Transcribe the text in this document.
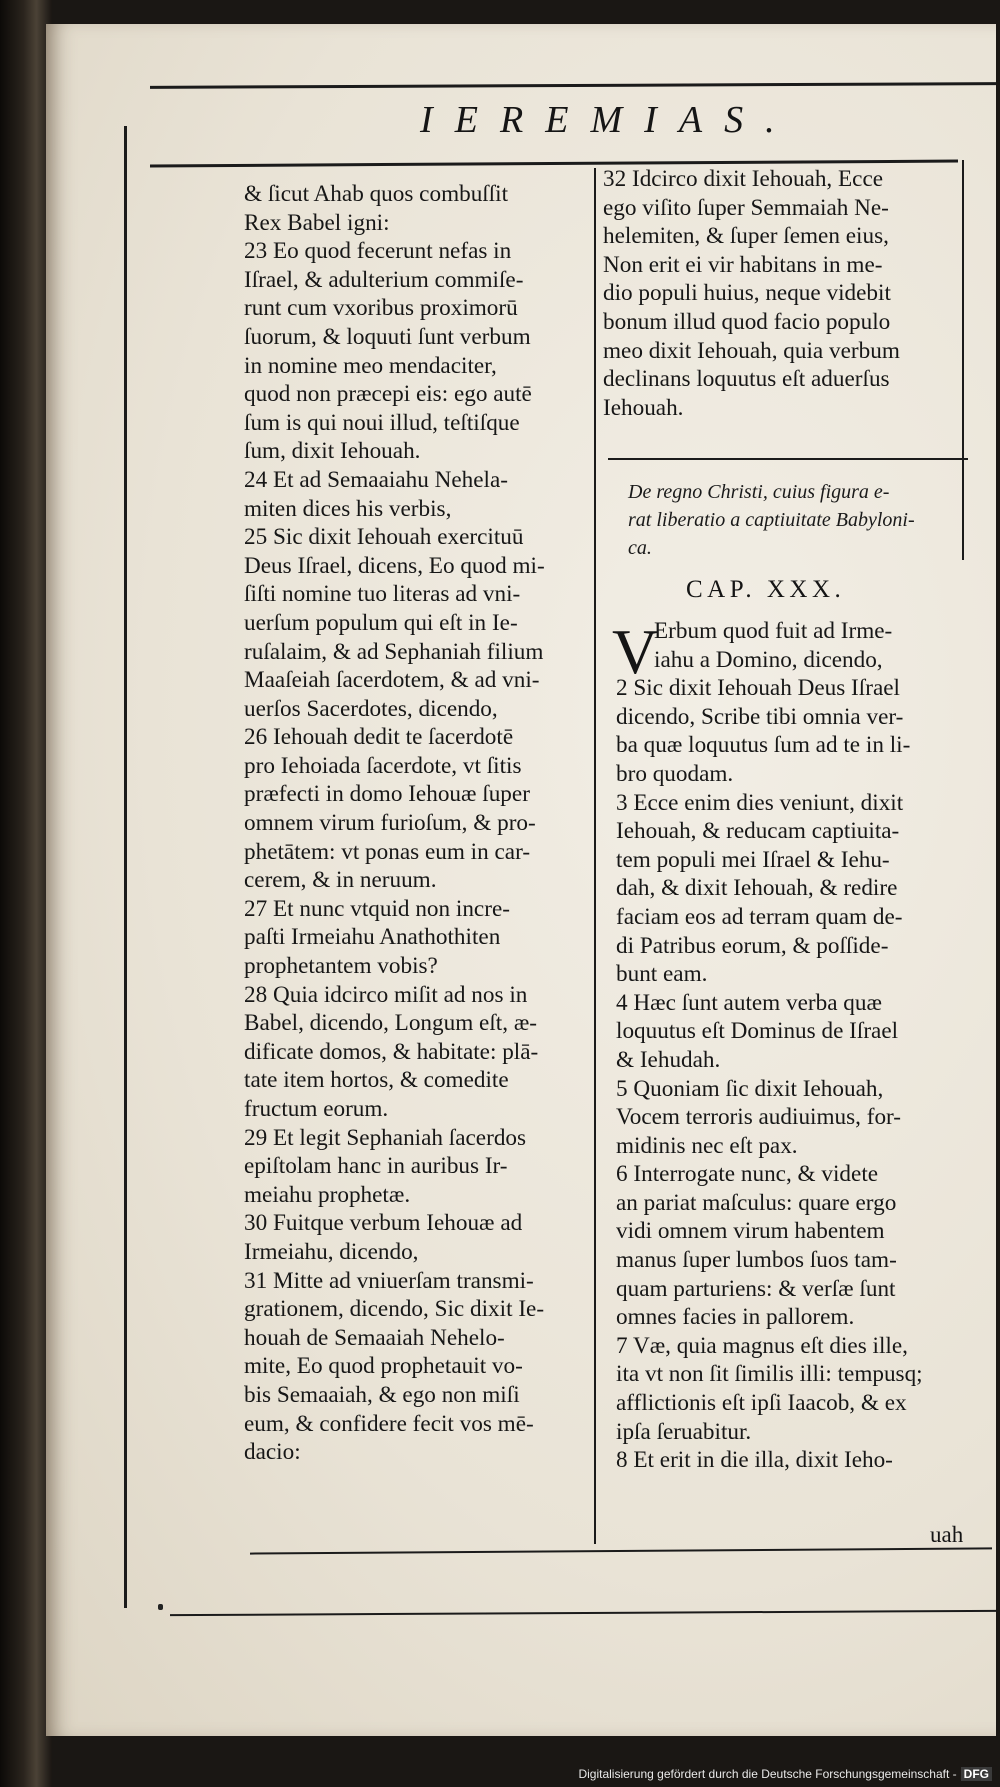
IEREMIAS.
& ſicut Ahab quos combuſſit
Rex Babel igni:
23 Eo quod fecerunt nefas in
Iſrael, & adulterium commiſe-
runt cum vxoribus proximorū
ſuorum, & loquuti ſunt verbum
in nomine meo mendaciter,
quod non præcepi eis: ego autē
ſum is qui noui illud, teſtiſque
ſum, dixit Iehouah.
24 Et ad Semaaiahu Nehela-
miten dices his verbis,
25 Sic dixit Iehouah exercituū
Deus Iſrael, dicens, Eo quod mi-
ſiſti nomine tuo literas ad vni-
uerſum populum qui eſt in Ie-
ruſalaim, & ad Sephaniah filium
Maaſeiah ſacerdotem, & ad vni-
uerſos Sacerdotes, dicendo,
26 Iehouah dedit te ſacerdotē
pro Iehoiada ſacerdote, vt ſitis
præfecti in domo Iehouæ ſuper
omnem virum furioſum, & pro-
phetātem: vt ponas eum in car-
cerem, & in neruum.
27 Et nunc vtquid non incre-
paſti Irmeiahu Anathothiten
prophetantem vobis?
28 Quia idcirco miſit ad nos in
Babel, dicendo, Longum eſt, æ-
dificate domos, & habitate: plā-
tate item hortos, & comedite
fructum eorum.
29 Et legit Sephaniah ſacerdos
epiſtolam hanc in auribus Ir-
meiahu prophetæ.
30 Fuitque verbum Iehouæ ad
Irmeiahu, dicendo,
31 Mitte ad vniuerſam transmi-
grationem, dicendo, Sic dixit Ie-
houah de Semaaiah Nehelo-
mite, Eo quod prophetauit vo-
bis Semaaiah, & ego non miſi
eum, & confidere fecit vos mē-
dacio:
32 Idcirco dixit Iehouah, Ecce
ego viſito ſuper Semmaiah Ne-
helemiten, & ſuper ſemen eius,
Non erit ei vir habitans in me-
dio populi huius, neque videbit
bonum illud quod facio populo
meo dixit Iehouah, quia verbum
declinans loquutus eſt aduerſus
Iehouah.
De regno Christi, cuius figura e-
rat liberatio a captiuitate Babyloni-
ca.
CAP. XXX.
V
Erbum quod fuit ad Irme-
iahu a Domino, dicendo,
2 Sic dixit Iehouah Deus Iſrael
dicendo, Scribe tibi omnia ver-
ba quæ loquutus ſum ad te in li-
bro quodam.
3 Ecce enim dies veniunt, dixit
Iehouah, & reducam captiuita-
tem populi mei Iſrael & Iehu-
dah, & dixit Iehouah, & redire
faciam eos ad terram quam de-
di Patribus eorum, & poſſide-
bunt eam.
4 Hæc ſunt autem verba quæ
loquutus eſt Dominus de Iſrael
& Iehudah.
5 Quoniam ſic dixit Iehouah,
Vocem terroris audiuimus, for-
midinis nec eſt pax.
6 Interrogate nunc, & videte
an pariat maſculus: quare ergo
vidi omnem virum habentem
manus ſuper lumbos ſuos tam-
quam parturiens: & verſæ ſunt
omnes facies in pallorem.
7 Væ, quia magnus eſt dies ille,
ita vt non ſit ſimilis illi: tempusq;
afflictionis eſt ipſi Iaacob, & ex
ipſa ſeruabitur.
8 Et erit in die illa, dixit Ieho-
uah
Digitalisierung gefördert durch die Deutsche Forschungsgemeinschaft - DFG
